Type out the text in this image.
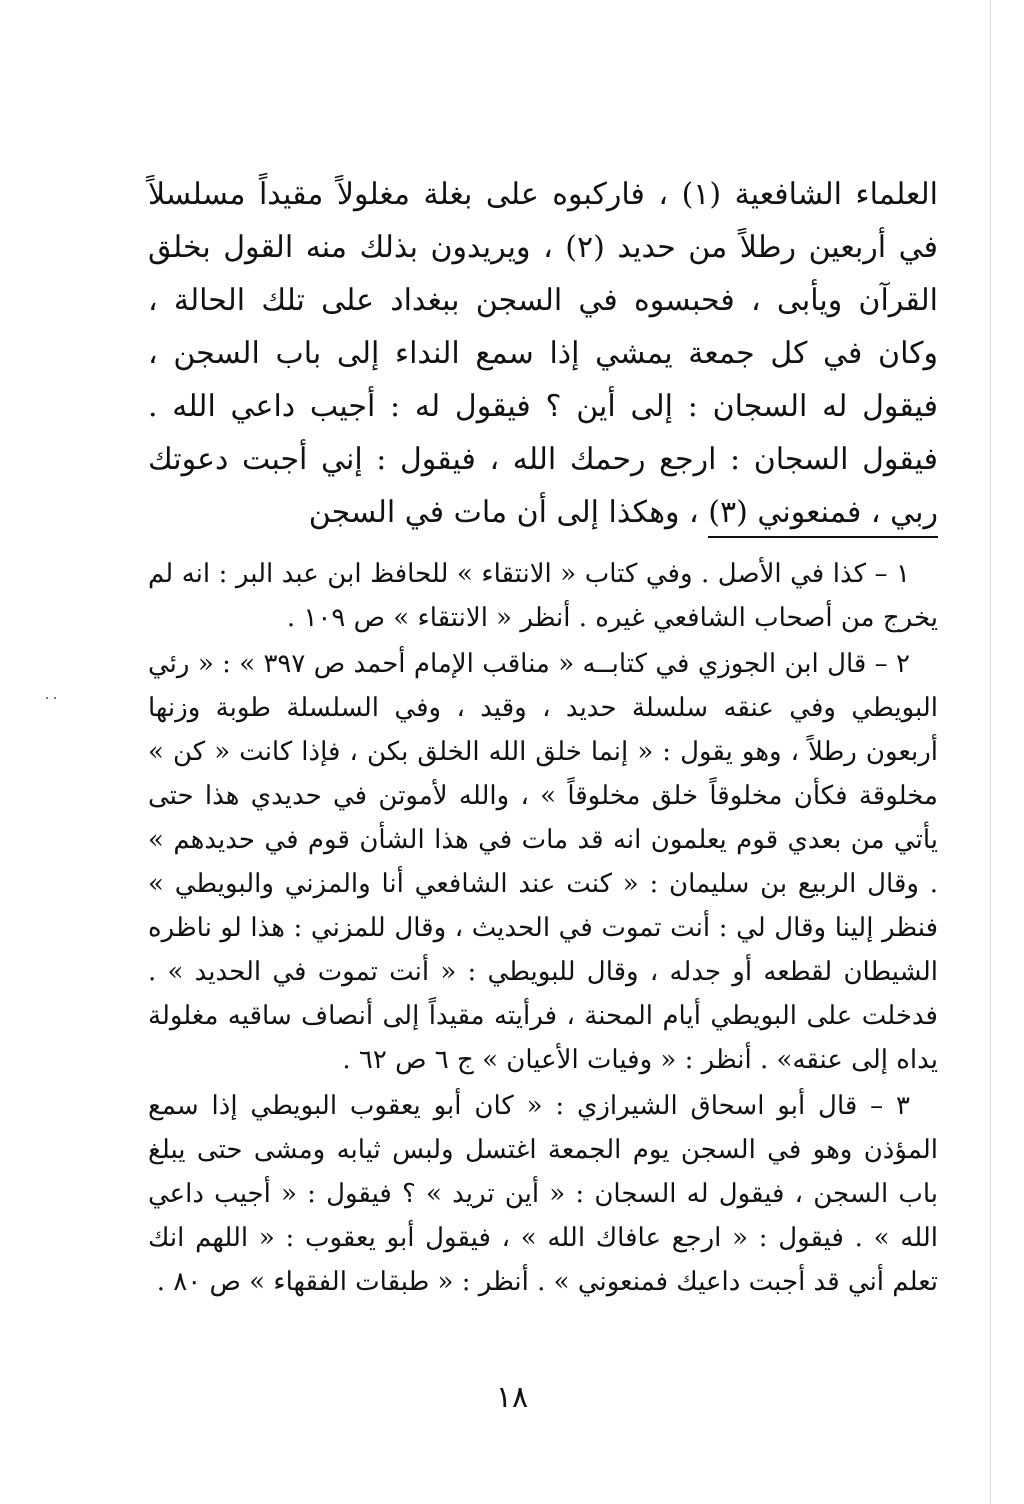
العلماء الشافعية (١) ، فاركبوه على بغلة مغلولاً مقيداً مسلسلاً في أربعين رطلاً من حديد (٢) ، ويريدون بذلك منه القول بخلق القرآن ويأبى ، فحبسوه في السجن ببغداد على تلك الحالة ، وكان في كل جمعة يمشي إذا سمع النداء إلى باب السجن ، فيقول له السجان : إلى أين ؟ فيقول له : أجيب داعي الله . فيقول السجان : ارجع رحمك الله ، فيقول : إني أجبت دعوتك ربي ، فمنعوني (٣) ، وهكذا إلى أن مات في السجن

١ – كذا في الأصل . وفي كتاب « الانتقاء » للحافظ ابن عبد البر : انه لم يخرج من أصحاب الشافعي غيره . أنظر « الانتقاء » ص ١٠٩ .

٢ – قال ابن الجوزي في كتابــه « مناقب الإمام أحمد ص ٣٩٧ » : « رئي البويطي وفي عنقه سلسلة حديد ، وقيد ، وفي السلسلة طوبة وزنها أربعون رطلاً ، وهو يقول : « إنما خلق الله الخلق بكن ، فإذا كانت « كن » مخلوقة فكأن مخلوقاً خلق مخلوقاً » ، والله لأموتن في حديدي هذا حتى يأتي من بعدي قوم يعلمون انه قد مات في هذا الشأن قوم في حديدهم » . وقال الربيع بن سليمان : « كنت عند الشافعي أنا والمزني والبويطي » فنظر إلينا وقال لي : أنت تموت في الحديث ، وقال للمزني : هذا لو ناظره الشيطان لقطعه أو جدله ، وقال للبويطي : « أنت تموت في الحديد » . فدخلت على البويطي أيام المحنة ، فرأيته مقيداً إلى أنصاف ساقيه مغلولة يداه إلى عنقه» . أنظر : « وفيات الأعيان » ج ٦ ص ٦٢ .

٣ – قال أبو اسحاق الشيرازي : « كان أبو يعقوب البويطي إذا سمع المؤذن وهو في السجن يوم الجمعة اغتسل ولبس ثيابه ومشى حتى يبلغ باب السجن ، فيقول له السجان : « أين تريد » ؟ فيقول : « أجيب داعي الله » . فيقول : « ارجع عافاك الله » ، فيقول أبو يعقوب : « اللهم انك تعلم أني قد أجبت داعيك فمنعوني » . أنظر : « طبقات الفقهاء » ص ٨٠ .

١٨
